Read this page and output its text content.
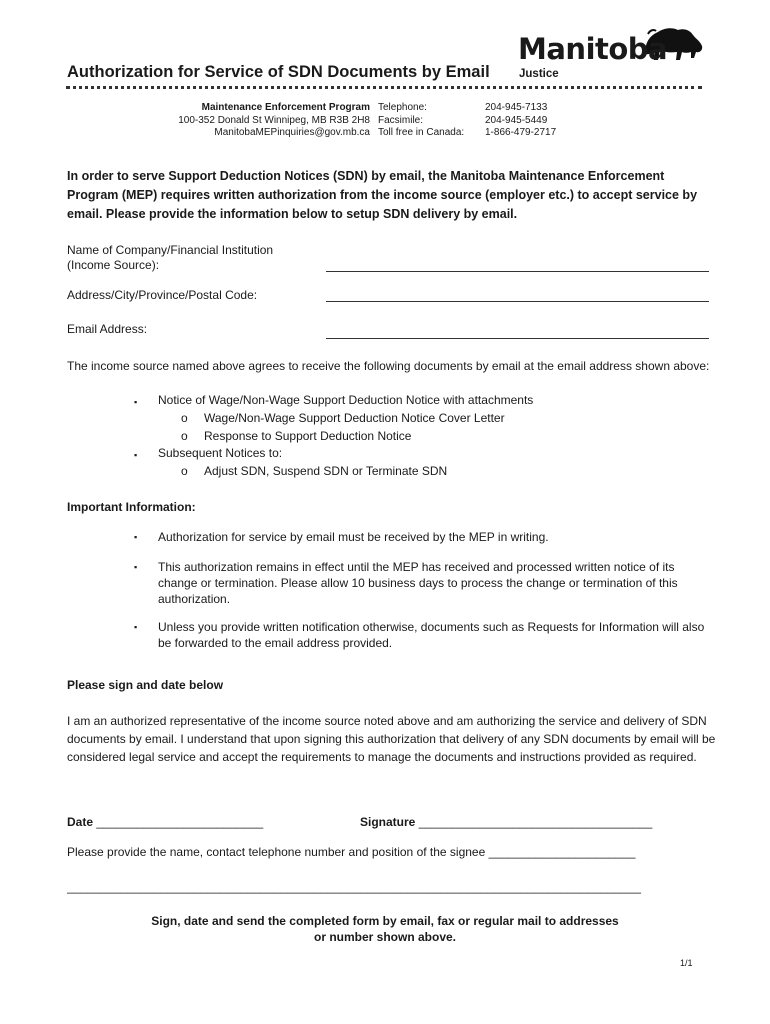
Authorization for Service of SDN Documents by Email
Manitoba
Justice
Maintenance Enforcement Program
100-352 Donald St Winnipeg, MB R3B 2H8
ManitobaMEPinquiries@gov.mb.ca
Telephone:
Facsimile:
Toll free in Canada:
204-945-7133
204-945-5449
1-866-479-2717
In order to serve Support Deduction Notices (SDN) by email, the Manitoba Maintenance Enforcement Program (MEP) requires written authorization from the income source (employer etc.) to accept service by email. Please provide the information below to setup SDN delivery by email.
Name of Company/Financial Institution
(Income Source):
Address/City/Province/Postal Code:
Email Address:
The income source named above agrees to receive the following documents by email at the email address shown above:
▪ Notice of Wage/Non-Wage Support Deduction Notice with attachments
o Wage/Non-Wage Support Deduction Notice Cover Letter
o Response to Support Deduction Notice
▪ Subsequent Notices to:
o Adjust SDN, Suspend SDN or Terminate SDN
Important Information:
▪ Authorization for service by email must be received by the MEP in writing.
▪ This authorization remains in effect until the MEP has received and processed written notice of its change or termination. Please allow 10 business days to process the change or termination of this authorization.
▪ Unless you provide written notification otherwise, documents such as Requests for Information will also be forwarded to the email address provided.
Please sign and date below
I am an authorized representative of the income source noted above and am authorizing the service and delivery of SDN documents by email. I understand that upon signing this authorization that delivery of any SDN documents by email will be considered legal service and accept the requirements to manage the documents and instructions provided as required.
Date _________________________	Signature ___________________________________
Please provide the name, contact telephone number and position of the signee ______________________
______________________________________________________________________________________
Sign, date and send the completed form by email, fax or regular mail to addresses
or number shown above.
1/1
